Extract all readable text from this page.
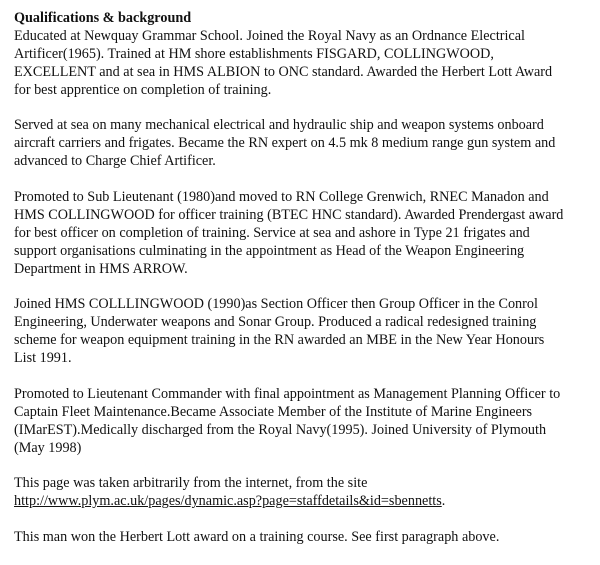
Qualifications & background

Educated at Newquay Grammar School. Joined the Royal Navy as an Ordnance Electrical
Artificer(1965). Trained at HM shore establishments FISGARD, COLLINGWOOD,
EXCELLENT and at sea in HMS ALBION to ONC standard. Awarded the Herbert Lott Award
for best apprentice on completion of training.

Served at sea on many mechanical electrical and hydraulic ship and weapon systems onboard
aircraft carriers and frigates. Became the RN expert on 4.5 mk 8 medium range gun system and
advanced to Charge Chief Artificer.

Promoted to Sub Lieutenant (1980)and moved to RN College Grenwich, RNEC Manadon and
HMS COLLINGWOOD for officer training (BTEC HNC standard). Awarded Prendergast award
for best officer on completion of training. Service at sea and ashore in Type 21 frigates and
support organisations culminating in the appointment as Head of the Weapon Engineering
Department in HMS ARROW.

Joined HMS COLLLINGWOOD (1990)as Section Officer then Group Officer in the Conrol
Engineering, Underwater weapons and Sonar Group. Produced a radical redesigned training
scheme for weapon equipment training in the RN awarded an MBE in the New Year Honours
List 1991.

Promoted to Lieutenant Commander with final appointment as Management Planning Officer to
Captain Fleet Maintenance.Became Associate Member of the Institute of Marine Engineers
(IMarEST).Medically discharged from the Royal Navy(1995). Joined University of Plymouth
(May 1998)

This page was taken arbitrarily from the internet, from the site
http://www.plym.ac.uk/pages/dynamic.asp?page=staffdetails&id=sbennetts.

This man won the Herbert Lott award on a training course. See first paragraph above.
